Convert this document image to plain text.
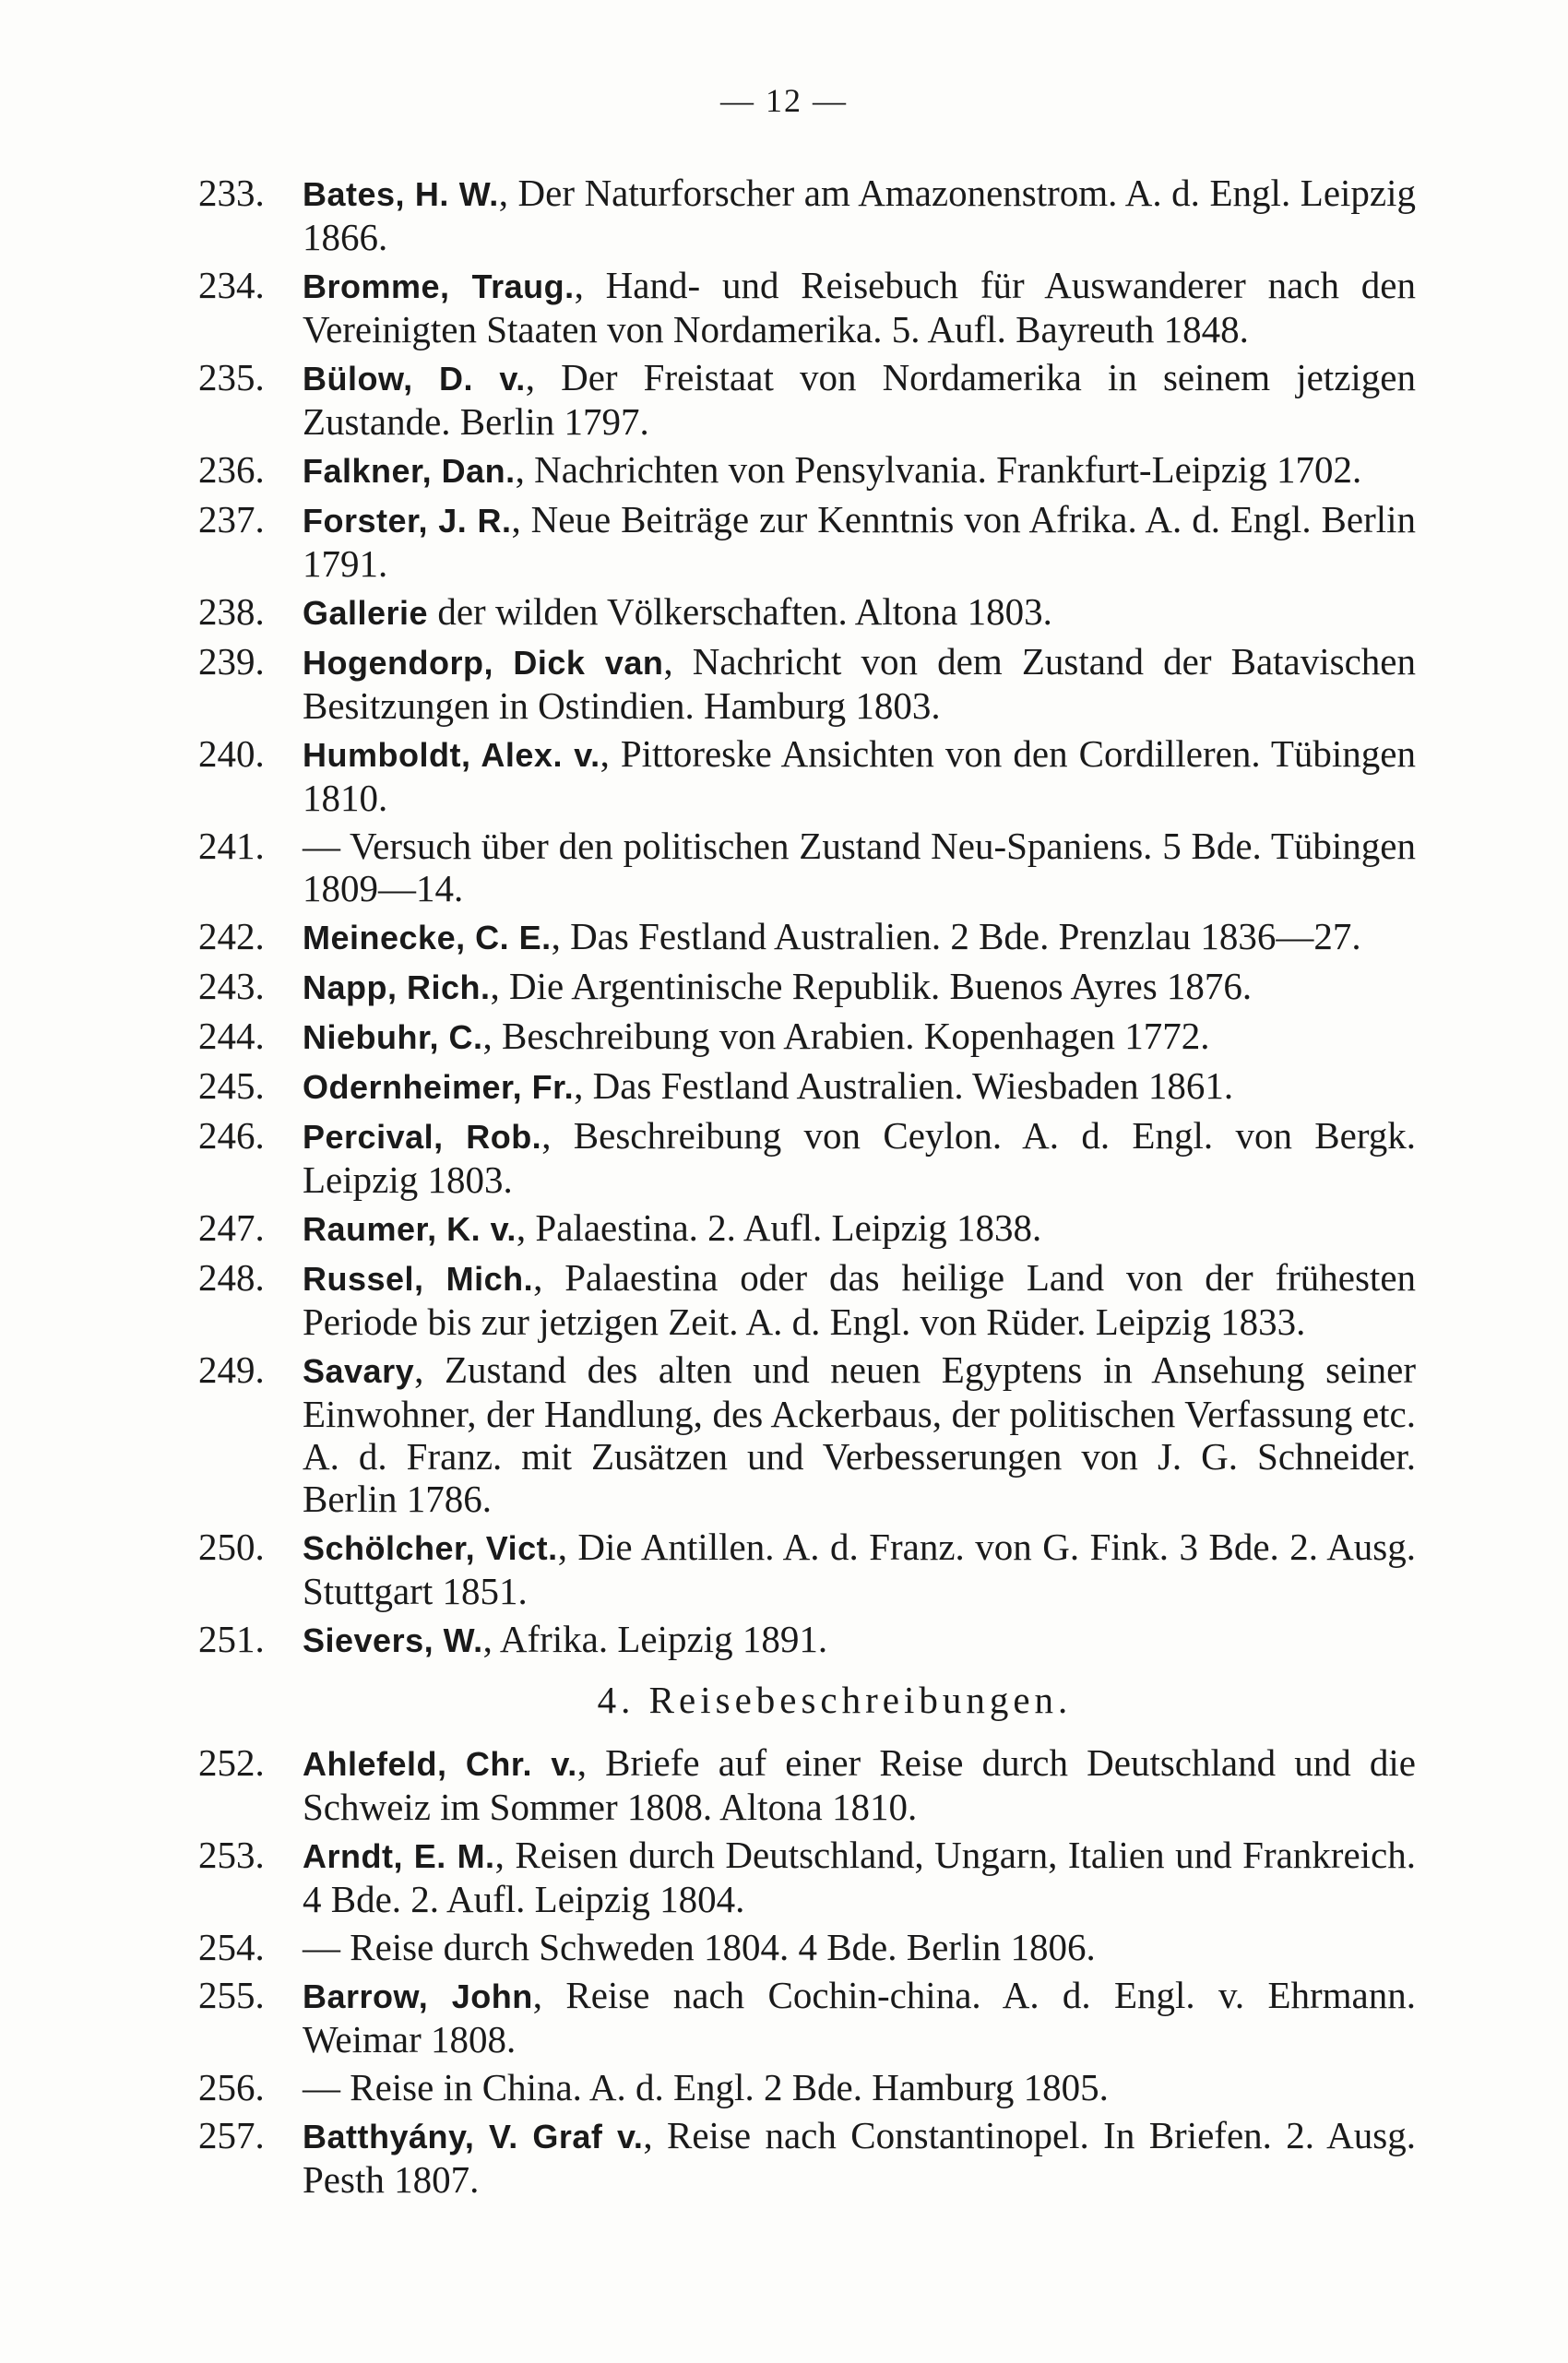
— 12 —
233.	Bates, H. W., Der Naturforscher am Amazonenstrom. A. d. Engl. Leipzig 1866.
234.	Bromme, Traug., Hand- und Reisebuch für Auswanderer nach den Vereinigten Staaten von Nordamerika. 5. Aufl. Bayreuth 1848.
235.	Bülow, D. v., Der Freistaat von Nordamerika in seinem jetzigen Zustande. Berlin 1797.
236.	Falkner, Dan., Nachrichten von Pensylvania. Frankfurt-Leipzig 1702.
237.	Forster, J. R., Neue Beiträge zur Kenntnis von Afrika. A. d. Engl. Berlin 1791.
238.	Gallerie der wilden Völkerschaften. Altona 1803.
239.	Hogendorp, Dick van, Nachricht von dem Zustand der Batavischen Besitzungen in Ostindien. Hamburg 1803.
240.	Humboldt, Alex. v., Pittoreske Ansichten von den Cordilleren. Tübingen 1810.
241.	— Versuch über den politischen Zustand Neu-Spaniens. 5 Bde. Tübingen 1809—14.
242.	Meinecke, C. E., Das Festland Australien. 2 Bde. Prenzlau 1836—27.
243.	Napp, Rich., Die Argentinische Republik. Buenos Ayres 1876.
244.	Niebuhr, C., Beschreibung von Arabien. Kopenhagen 1772.
245.	Odernheimer, Fr., Das Festland Australien. Wiesbaden 1861.
246.	Percival, Rob., Beschreibung von Ceylon. A. d. Engl. von Bergk. Leipzig 1803.
247.	Raumer, K. v., Palaestina. 2. Aufl. Leipzig 1838.
248.	Russel, Mich., Palaestina oder das heilige Land von der frühesten Periode bis zur jetzigen Zeit. A. d. Engl. von Rüder. Leipzig 1833.
249.	Savary, Zustand des alten und neuen Egyptens in Ansehung seiner Einwohner, der Handlung, des Ackerbaus, der politischen Verfassung etc. A. d. Franz. mit Zusätzen und Verbesserungen von J. G. Schneider. Berlin 1786.
250.	Schölcher, Vict., Die Antillen. A. d. Franz. von G. Fink. 3 Bde. 2. Ausg. Stuttgart 1851.
251.	Sievers, W., Afrika. Leipzig 1891.
4. Reisebeschreibungen.
252.	Ahlefeld, Chr. v., Briefe auf einer Reise durch Deutschland und die Schweiz im Sommer 1808. Altona 1810.
253.	Arndt, E. M., Reisen durch Deutschland, Ungarn, Italien und Frankreich. 4 Bde. 2. Aufl. Leipzig 1804.
254.	— Reise durch Schweden 1804. 4 Bde. Berlin 1806.
255.	Barrow, John, Reise nach Cochin-china. A. d. Engl. v. Ehrmann. Weimar 1808.
256.	— Reise in China. A. d. Engl. 2 Bde. Hamburg 1805.
257.	Batthyány, V. Graf v., Reise nach Constantinopel. In Briefen. 2. Ausg. Pesth 1807.
